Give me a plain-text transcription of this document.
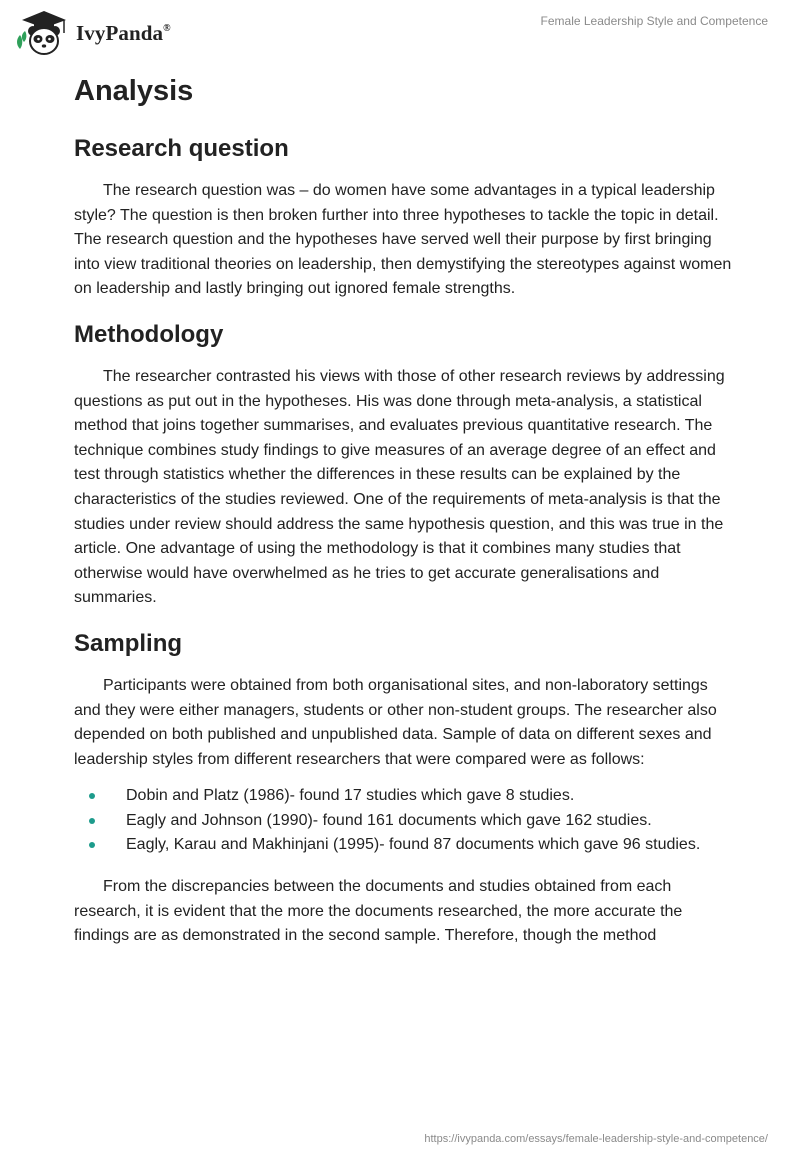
IvyPanda®	Female Leadership Style and Competence
Analysis
Research question

The research question was – do women have some advantages in a typical leadership style? The question is then broken further into three hypotheses to tackle the topic in detail. The research question and the hypotheses have served well their purpose by first bringing into view traditional theories on leadership, then demystifying the stereotypes against women on leadership and lastly bringing out ignored female strengths.

Methodology

The researcher contrasted his views with those of other research reviews by addressing questions as put out in the hypotheses. His was done through meta-analysis, a statistical method that joins together summarises, and evaluates previous quantitative research. The technique combines study findings to give measures of an average degree of an effect and test through statistics whether the differences in these results can be explained by the characteristics of the studies reviewed. One of the requirements of meta-analysis is that the studies under review should address the same hypothesis question, and this was true in the article. One advantage of using the methodology is that it combines many studies that otherwise would have overwhelmed as he tries to get accurate generalisations and summaries.

Sampling

Participants were obtained from both organisational sites, and non-laboratory settings and they were either managers, students or other non-student groups. The researcher also depended on both published and unpublished data. Sample of data on different sexes and leadership styles from different researchers that were compared were as follows:

Dobin and Platz (1986)- found 17 studies which gave 8 studies.
Eagly and Johnson (1990)- found 161 documents which gave 162 studies.
Eagly, Karau and Makhinjani (1995)- found 87 documents which gave 96 studies.

From the discrepancies between the documents and studies obtained from each research, it is evident that the more the documents researched, the more accurate the findings are as demonstrated in the second sample. Therefore, though the method

https://ivypanda.com/essays/female-leadership-style-and-competence/
